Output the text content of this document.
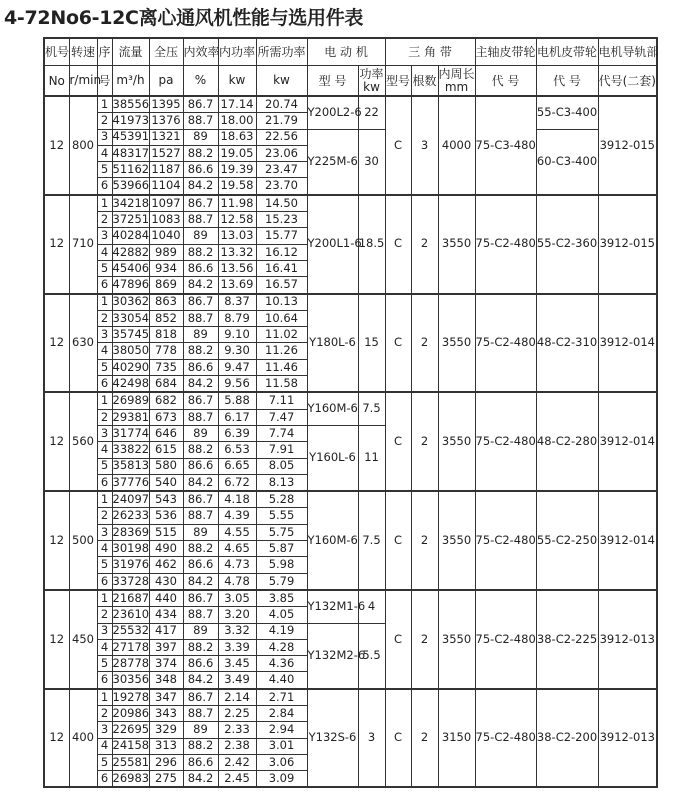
4-72No6-12C离心通风机性能与选用件表
机号	转速	序	流量	全压	内效率	内功率	所需功率	电 动 机		三 角 带			主轴皮带轮	电机皮带轮	电机导轨部
No	r/min	号	m³/h	pa	%	kw	kw	型 号	功率 kw	型号	根数	内周长 mm	代 号	代 号	代号(二套)
12	800	1	38556	1395	86.7	17.14	20.74	Y200L2-6	22	C	3	4000	75-C3-480	55-C3-400	3912-015
		2	41973	1376	88.7	18.00	21.79								
		3	45391	1321	89	18.63	22.56	Y225M-6	30					60-C3-400	
		4	48317	1527	88.2	19.05	23.06								
		5	51162	1187	86.6	19.39	23.47								
		6	53966	1104	84.2	19.58	23.70								
12	710	1	34218	1097	86.7	11.98	14.50	Y200L1-6	18.5	C	2	3550	75-C2-480	55-C2-360	3912-015
		2	37251	1083	88.7	12.58	15.23								
		3	40284	1040	89	13.03	15.77								
		4	42882	989	88.2	13.32	16.12								
		5	45406	934	86.6	13.56	16.41								
		6	47896	869	84.2	13.69	16.57								
12	630	1	30362	863	86.7	8.37	10.13	Y180L-6	15	C	2	3550	75-C2-480	48-C2-310	3912-014
		2	33054	852	88.7	8.79	10.64								
		3	35745	818	89	9.10	11.02								
		4	38050	778	88.2	9.30	11.26								
		5	40290	735	86.6	9.47	11.46								
		6	42498	684	84.2	9.56	11.58								
12	560	1	26989	682	86.7	5.88	7.11	Y160M-6	7.5	C	2	3550	75-C2-480	48-C2-280	3912-014
		2	29381	673	88.7	6.17	7.47								
		3	31774	646	89	6.39	7.74	Y160L-6	11						
		4	33822	615	88.2	6.53	7.91								
		5	35813	580	86.6	6.65	8.05								
		6	37776	540	84.2	6.72	8.13								
12	500	1	24097	543	86.7	4.18	5.28	Y160M-6	7.5	C	2	3550	75-C2-480	55-C2-250	3912-014
		2	26233	536	88.7	4.39	5.55								
		3	28369	515	89	4.55	5.75								
		4	30198	490	88.2	4.65	5.87								
		5	31976	462	86.6	4.73	5.98								
		6	33728	430	84.2	4.78	5.79								
12	450	1	21687	440	86.7	3.05	3.85	Y132M1-6	4	C	2	3550	75-C2-480	38-C2-225	3912-013
		2	23610	434	88.7	3.20	4.05								
		3	25532	417	89	3.32	4.19	Y132M2-6	5.5						
		4	27178	397	88.2	3.39	4.28								
		5	28778	374	86.6	3.45	4.36								
		6	30356	348	84.2	3.49	4.40								
12	400	1	19278	347	86.7	2.14	2.71	Y132S-6	3	C	2	3150	75-C2-480	38-C2-200	3912-013
		2	20986	343	88.7	2.25	2.84								
		3	22695	329	89	2.33	2.94								
		4	24158	313	88.2	2.38	3.01								
		5	25581	296	86.6	2.42	3.06								
		6	26983	275	84.2	2.45	3.09								
